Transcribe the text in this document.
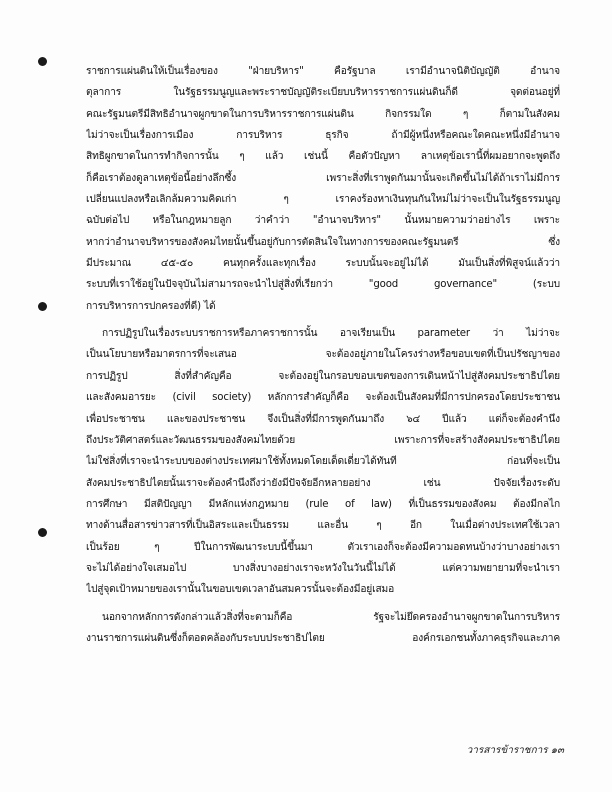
ราชการแผ่นดินให้เป็นเรื่องของ "ฝ่ายบริหาร" คือรัฐบาล เรามีอำนาจนิติบัญญัติ อำนาจ
ตุลาการ ในรัฐธรรมนูญและพระราชบัญญัติระเบียบบริหารราชการแผ่นดินก็ดี จุดต่อนอยู่ที่
คณะรัฐมนตรีมีสิทธิอำนาจผูกขาดในการบริหารราชการแผ่นดิน กิจกรรมใด ๆ ก็ตามในสังคม
ไม่ว่าจะเป็นเรื่องการเมือง การบริหาร ธุรกิจ ถ้ามีผู้หนึ่งหรือคณะใดคณะหนึ่งมีอำนาจ
สิทธิผูกขาดในการทำกิจการนั้น ๆ แล้ว เช่นนี้ คือตัวปัญหา ลาเหตุข้อเรานี้ที่ผมอยากจะพูดถึง
ก็คือเราต้องดูลาเหตุข้อนี้อย่างลึกซึ้ง เพราะสิ่งที่เราพูดกันมานั้นจะเกิดขึ้นไม่ได้ถ้าเราไม่มีการ
เปลี่ยนแปลงหรือเลิกล้มความคิดเก่า ๆ เราคงร้องหาเงินทุนกันใหม่ไม่ว่าจะเป็นในรัฐธรรมนูญ
ฉบับต่อไป หรือในกฎหมายลูก ว่าคำว่า "อำนาจบริหาร" นั้นหมายความว่าอย่างไร เพราะ
หากว่าอำนาจบริหารของสังคมไทยนั้นขึ้นอยู่กับการตัดสินใจในทางการของคณะรัฐมนตรี ซึ่ง
มีประมาณ ๔๕-๕๐ คนทุกครั้งและทุกเรื่อง ระบบนั้นจะอยู่ไม่ได้ มันเป็นสิ่งที่พิสูจน์แล้วว่า
ระบบที่เราใช้อยู่ในปัจจุบันไม่สามารถจะนำไปสู่สิ่งที่เรียกว่า "good governance" (ระบบ
การบริหารการปกครองที่ดี) ได้
การปฏิรูปในเรื่องระบบราชการหรือภาคราชการนั้น อาจเรียนเป็น parameter ว่า ไม่ว่าจะ
เป็นนโยบายหรือมาตรการที่จะเสนอ จะต้องอยู่ภายในโครงร่างหรือขอบเขตที่เป็นปรัชญาของ
การปฏิรูป สิ่งที่สำคัญคือ จะต้องอยู่ในกรอบขอบเขตของการเดินหน้าไปสู่สังคมประชาธิปไตย
และสังคมอารยะ (civil society) หลักการสำคัญก็คือ จะต้องเป็นสังคมที่มีการปกครองโดยประชาชน
เพื่อประชาชน และของประชาชน จึงเป็นสิ่งที่มีการพูดกันมาถึง ๖๔ ปีแล้ว แต่ก็จะต้องคำนึง
ถึงประวัติศาสตร์และวัฒนธรรมของสังคมไทยด้วย เพราะการที่จะสร้างสังคมประชาธิปไตย
ไม่ใช่สิ่งที่เราจะนำระบบของต่างประเทศมาใช้ทั้งหมดโดยเด็ดเดี่ยวได้ทันที ก่อนที่จะเป็น
สังคมประชาธิปไตยนั้นเราจะต้องคำนึงถึงว่ายังมีปัจจัยอีกหลายอย่าง เช่น ปัจจัยเรื่องระดับ
การศึกษา มีสติปัญญา มีหลักแห่งกฎหมาย (rule of law) ที่เป็นธรรมของสังคม ต้องมีกลไก
ทางด้านสื่อสารข่าวสารที่เป็นอิสระและเป็นธรรม และอื่น ๆ อีก ในเมื่อต่างประเทศใช้เวลา
เป็นร้อย ๆ ปีในการพัฒนาระบบนี้ขึ้นมา ตัวเราเองก็จะต้องมีความอดทนบ้างว่าบางอย่างเรา
จะไม่ได้อย่างใจเสมอไป บางสิ่งบางอย่างเราจะหวังในวันนี้ไม่ได้ แต่ความพยายามที่จะนำเรา
ไปสู่จุดเป้าหมายของเรานั้นในขอบเขตเวลาอันสมควรนั้นจะต้องมีอยู่เสมอ
นอกจากหลักการดังกล่าวแล้วสิ่งที่จะตามก็คือ รัฐจะไม่ยึดครองอำนาจผูกขาดในการบริหาร
งานราชการแผ่นดินซึ่งก็ตอดคล้องกับระบบประชาธิปไตย องค์กรเอกชนทั้งภาคธุรกิจและภาค
วารสารข้าราชการ ๑๓
